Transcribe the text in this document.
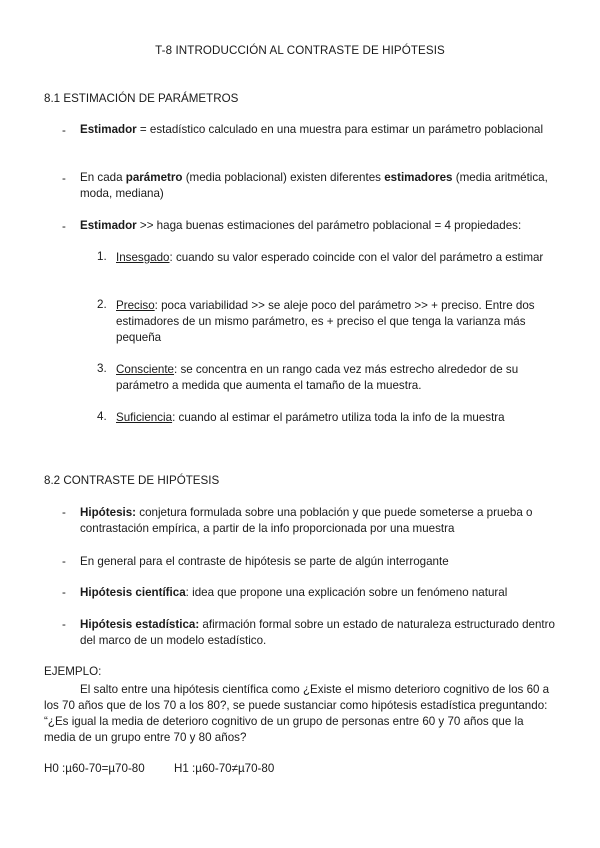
T-8 INTRODUCCIÓN AL CONTRASTE DE HIPÓTESIS
8.1 ESTIMACIÓN DE PARÁMETROS
-	Estimador = estadístico calculado en una muestra para estimar un parámetro poblacional
-	En cada parámetro (media poblacional) existen diferentes estimadores (media aritmética, moda, mediana)
-	Estimador >> haga buenas estimaciones del parámetro poblacional = 4 propiedades:
1. Insesgado: cuando su valor esperado coincide con el valor del parámetro a estimar
2. Preciso: poca variabilidad >> se aleje poco del parámetro >> + preciso. Entre dos estimadores de un mismo parámetro, es + preciso el que tenga la varianza más pequeña
3. Consciente: se concentra en un rango cada vez más estrecho alrededor de su parámetro a medida que aumenta el tamaño de la muestra.
4. Suficiencia: cuando al estimar el parámetro utiliza toda la info de la muestra
8.2 CONTRASTE DE HIPÓTESIS
-	Hipótesis: conjetura formulada sobre una población y que puede someterse a prueba o contrastación empírica, a partir de la info proporcionada por una muestra
-	En general para el contraste de hipótesis se parte de algún interrogante
-	Hipótesis científica: idea que propone una explicación sobre un fenómeno natural
-	Hipótesis estadística: afirmación formal sobre un estado de naturaleza estructurado dentro del marco de un modelo estadístico.
EJEMPLO:
El salto entre una hipótesis científica como ¿Existe el mismo deterioro cognitivo de los 60 a los 70 años que de los 70 a los 80?, se puede sustanciar como hipótesis estadística preguntando: “¿Es igual la media de deterioro cognitivo de un grupo de personas entre 60 y 70 años que la media de un grupo entre 70 y 80 años?
H0 :µ60-70=µ70-80	H1 :µ60-70≠µ70-80
